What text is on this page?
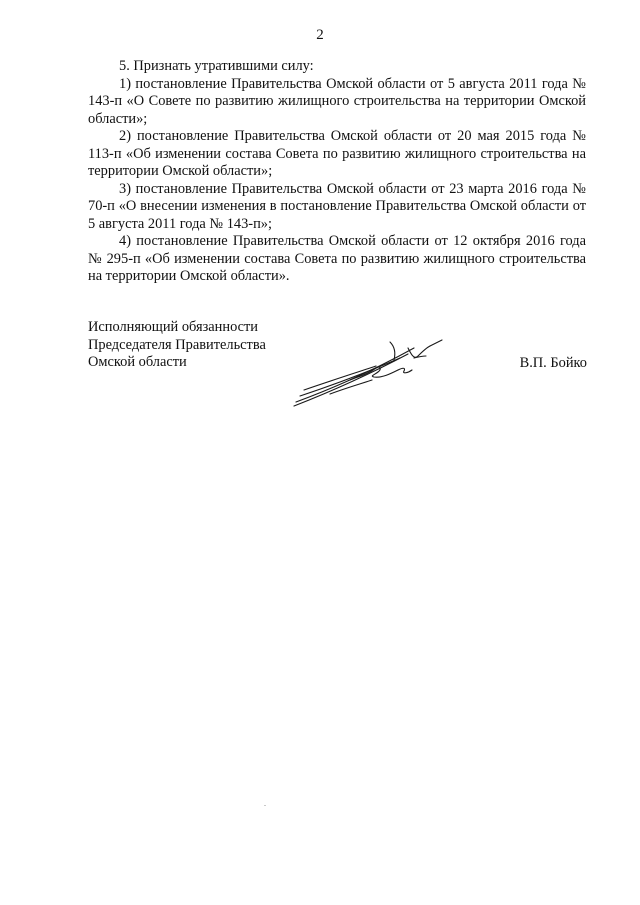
2

5. Признать утратившими силу:

1) постановление Правительства Омской области от 5 августа 2011 года № 143-п «О Совете по развитию жилищного строительства на территории Омской области»;

2) постановление Правительства Омской области от 20 мая 2015 года № 113-п «Об изменении состава Совета по развитию жилищного строительства на территории Омской области»;

3) постановление Правительства Омской области от 23 марта 2016 года № 70-п «О внесении изменения в постановление Правительства Омской области от 5 августа 2011 года № 143-п»;

4) постановление Правительства Омской области от 12 октября 2016 года № 295-п «Об изменении состава Совета по развитию жилищного строительства на территории Омской области».

Исполняющий обязанности
Председателя Правительства
Омской области	В.П. Бойко
